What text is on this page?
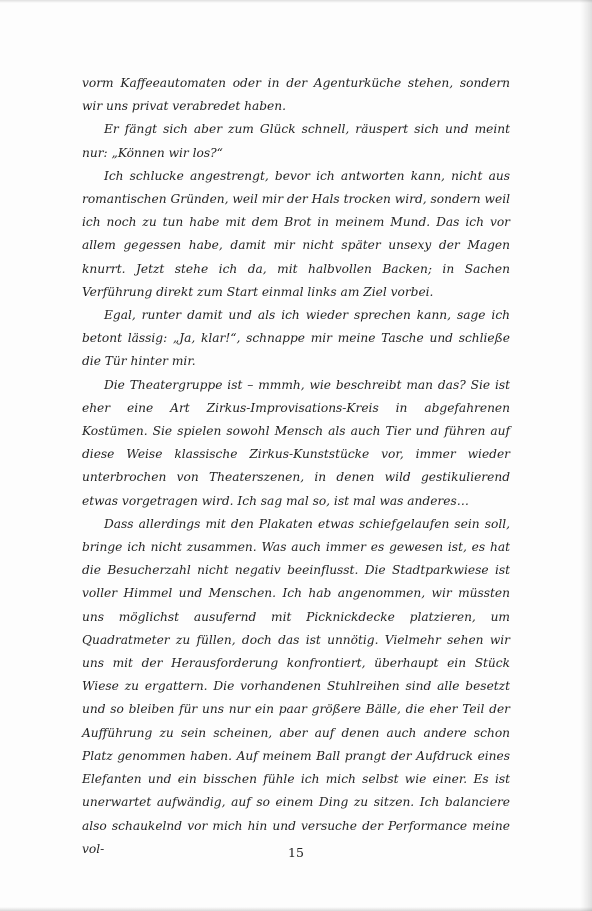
vorm Kaffeeautomaten oder in der Agenturküche stehen, sondern wir uns privat verabredet haben.

Er fängt sich aber zum Glück schnell, räuspert sich und meint nur: „Können wir los?“

Ich schlucke angestrengt, bevor ich antworten kann, nicht aus romantischen Gründen, weil mir der Hals trocken wird, sondern weil ich noch zu tun habe mit dem Brot in meinem Mund. Das ich vor allem gegessen habe, damit mir nicht später unsexy der Magen knurrt. Jetzt stehe ich da, mit halbvollen Backen; in Sachen Verführung direkt zum Start einmal links am Ziel vorbei.

Egal, runter damit und als ich wieder sprechen kann, sage ich betont lässig: „Ja, klar!“, schnappe mir meine Tasche und schließe die Tür hinter mir.

Die Theatergruppe ist – mmmh, wie beschreibt man das? Sie ist eher eine Art Zirkus-Improvisations-Kreis in abgefahrenen Kostümen. Sie spielen sowohl Mensch als auch Tier und führen auf diese Weise klassische Zirkus-Kunststücke vor, immer wieder unterbrochen von Theaterszenen, in denen wild gestikulierend etwas vorgetragen wird. Ich sag mal so, ist mal was anderes…

Dass allerdings mit den Plakaten etwas schiefgelaufen sein soll, bringe ich nicht zusammen. Was auch immer es gewesen ist, es hat die Besucherzahl nicht negativ beeinflusst. Die Stadtparkwiese ist voller Himmel und Menschen. Ich hab angenommen, wir müssten uns möglichst ausufernd mit Picknickdecke platzieren, um Quadratmeter zu füllen, doch das ist unnötig. Vielmehr sehen wir uns mit der Herausforderung konfrontiert, überhaupt ein Stück Wiese zu ergattern. Die vorhandenen Stuhlreihen sind alle besetzt und so bleiben für uns nur ein paar größere Bälle, die eher Teil der Aufführung zu sein scheinen, aber auf denen auch andere schon Platz genommen haben. Auf meinem Ball prangt der Aufdruck eines Elefanten und ein bisschen fühle ich mich selbst wie einer. Es ist unerwartet aufwändig, auf so einem Ding zu sitzen. Ich balanciere also schaukelnd vor mich hin und versuche der Performance meine vol-	15
